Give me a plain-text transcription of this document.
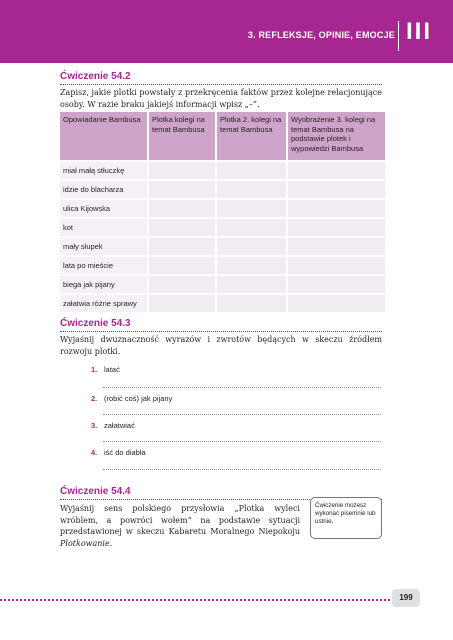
3. REFLEKSJE, OPINIE, EMOCJE III
Ćwiczenie 54.2
Zapisz, jakie plotki powstały z przekręcenia faktów przez kolejne relacjonujące osoby. W razie braku jakiejś informacji wpisz „–”.
Opowiadanie Bambusa	Plotka kolegi na temat Bambusa	Plotka 2. kolegi na temat Bambusa	Wyobrażenie 3. kolegi na temat Bambusa na podstawie plotek i wypowiedzi Bambusa
miał małą stłuczkę			
idzie do blacharza			
ulica Kijowska			
kot			
mały słupek			
lata po mieście			
biega jak pijany			
załatwia różne sprawy			
Ćwiczenie 54.3
Wyjaśnij dwuznaczność wyrazów i zwrotów będących w skeczu źródłem rozwoju plotki.
1. latać
2. (robić coś) jak pijany
3. załatwiać
4. iść do diabła
Ćwiczenie 54.4
Wyjaśnij sens polskiego przysłowia „Plotka wyleci wróblem, a powróci wołem” na podstawie sytuacji przedstawionej w skeczu Kabaretu Moralnego Niepokoju Plotkowanie.
Ćwiczenie możesz wykonać pisemnie lub ustnie.
199
